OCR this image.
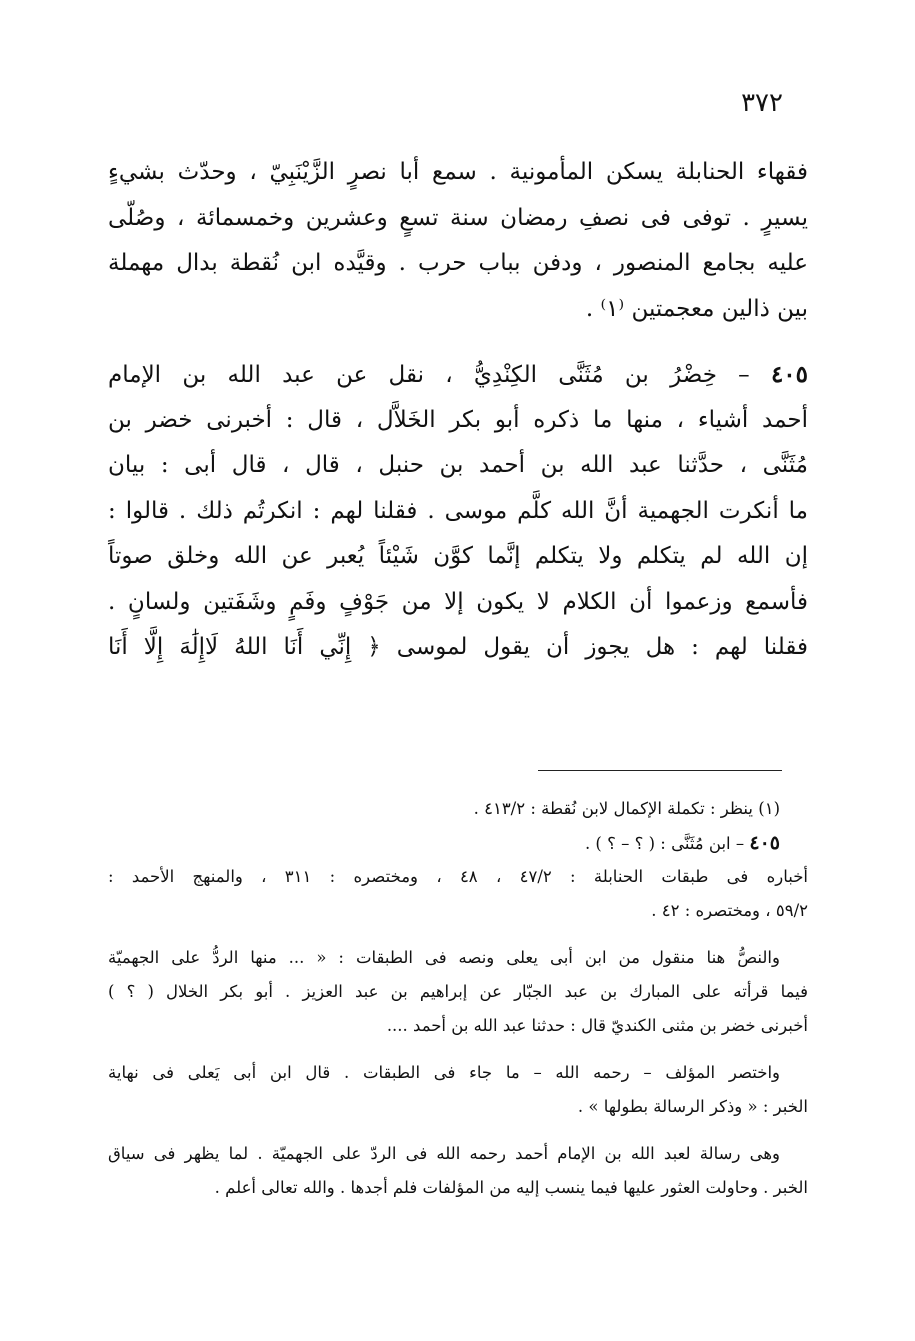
٣٧٢
فقهاء الحنابلة يسكن المأمونية . سمع أبا نصرٍ الزَّيْنَبِيّ ، وحدّث بشيءٍ
يسيرٍ . توفى فى نصفِ رمضان سنة تسعٍ وعشرين وخمسمائة ، وصُلّى
عليه بجامع المنصور ، ودفن بباب حرب . وقيَّده ابن نُقطة بدال مهملة
بين ذالين معجمتين ⁽١⁾ .
٤٠٥ – خِضْرُ بن مُثَنَّى الكِنْدِيُّ ، نقل عن عبد الله بن الإمام
أحمد أشياء ، منها ما ذكره أبو بكر الخَلاَّل ، قال : أخبرنى خضر بن
مُثَنَّى ، حدَّثنا عبد الله بن أحمد بن حنبل ، قال ، قال أبى : بيان
ما أنكرت الجهمية أنَّ الله كلَّم موسى . فقلنا لهم : انكرتُم ذلك . قالوا :
إن الله لم يتكلم ولا يتكلم إنَّما كوَّن شَيْئاً يُعبر عن الله وخلق صوتاً
فأسمع وزعموا أن الكلام لا يكون إلا من جَوْفٍ وفَمٍ وشَفَتين ولسانٍ .
فقلنا لهم : هل يجوز أن يقول لموسى ﴿ إِنِّي أَنَا اللهُ لَاإِلَٰهَ إِلَّا أَنَا
(١) ينظر : تكملة الإكمال لابن نُقطة : ٤١٣/٢ .
٤٠٥ – ابن مُثَنَّى : ( ؟ – ؟ ) .
أخباره فى طبقات الحنابلة : ٤٧/٢ ، ٤٨ ، ومختصره : ٣١١ ، والمنهج الأحمد :
٥٩/٢ ، ومختصره : ٤٢ .
والنصُّ هنا منقول من ابن أبى يعلى ونصه فى الطبقات : « ... منها الردُّ على الجهميّة
فيما قرأته على المبارك بن عبد الجبّار عن إبراهيم بن عبد العزيز . أبو بكر الخلال ( ؟ )
أخبرنى خضر بن مثنى الكنديّ قال : حدثنا عبد الله بن أحمد ....
واختصر المؤلف – رحمه الله – ما جاء فى الطبقات . قال ابن أبى يَعلى فى نهاية
الخبر : « وذكر الرسالة بطولها » .
وهى رسالة لعبد الله بن الإمام أحمد رحمه الله فى الردّ على الجهميّة . لما يظهر فى سياق
الخبر . وحاولت العثور عليها فيما ينسب إليه من المؤلفات فلم أجدها . والله تعالى أعلم .
